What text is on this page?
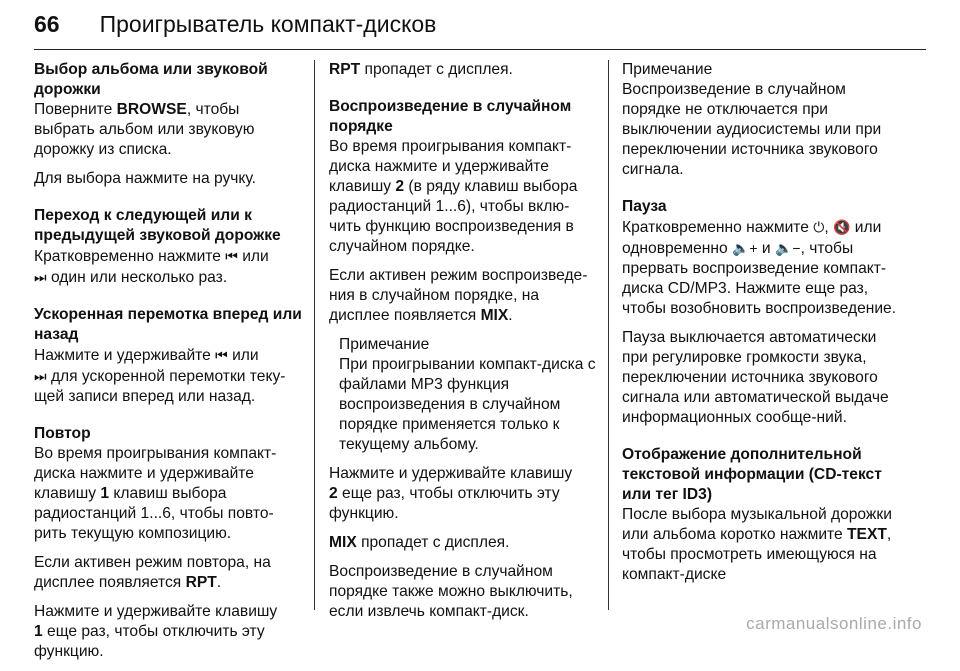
66 Проигрыватель компакт-дисков
Выбор альбома или звуковой дорожки

Поверните BROWSE, чтобы выбрать альбом или звуковую дорожку из списка.

Для выбора нажмите на ручку.

Переход к следующей или к предыдущей звуковой дорожке

Кратковременно нажмите ⏮ или
⏭ один или несколько раз.

Ускоренная перемотка вперед или назад

Нажмите и удерживайте ⏮ или
⏭ для ускоренной перемотки теку-щей записи вперед или назад.

Повтор

Во время проигрывания компакт-диска нажмите и удерживайте клавишу 1 клавиш выбора радиостанций 1...6, чтобы повто-рить текущую композицию.

Если активен режим повтора, на дисплее появляется RPT.

Нажмите и удерживайте клавишу
1 еще раз, чтобы отключить эту функцию.

RPT пропадет с дисплея.

Воспроизведение в случайном порядке

Во время проигрывания компакт-диска нажмите и удерживайте клавишу 2 (в ряду клавиш выбора радиостанций 1...6), чтобы вклю-чить функцию воспроизведения в случайном порядке.

Если активен режим воспроизведе-ния в случайном порядке, на дисплее появляется MIX.

Примечание

При проигрывании компакт-диска с файлами MP3 функция воспроизведения в случайном порядке применяется только к текущему альбому.

Нажмите и удерживайте клавишу
2 еще раз, чтобы отключить эту функцию.

MIX пропадет с дисплея.

Воспроизведение в случайном порядке также можно выключить, если извлечь компакт-диск.

Примечание

Воспроизведение в случайном порядке не отключается при выключении аудиосистемы или при переключении источника звукового сигнала.

Пауза

Кратковременно нажмите ⏻, 🔇 или одновременно 🔈+ и 🔈−, чтобы прервать воспроизведение компакт-диска CD/MP3. Нажмите еще раз, чтобы возобновить воспроизведение.

Пауза выключается автоматически при регулировке громкости звука, переключении источника звукового сигнала или автоматической выдаче информационных сообще-ний.

Отображение дополнительной текстовой информации (CD-текст или тег ID3)

После выбора музыкальной дорожки или альбома коротко нажмите TEXT, чтобы просмотреть имеющуюся на компакт-диске

carmanualsonline.info
